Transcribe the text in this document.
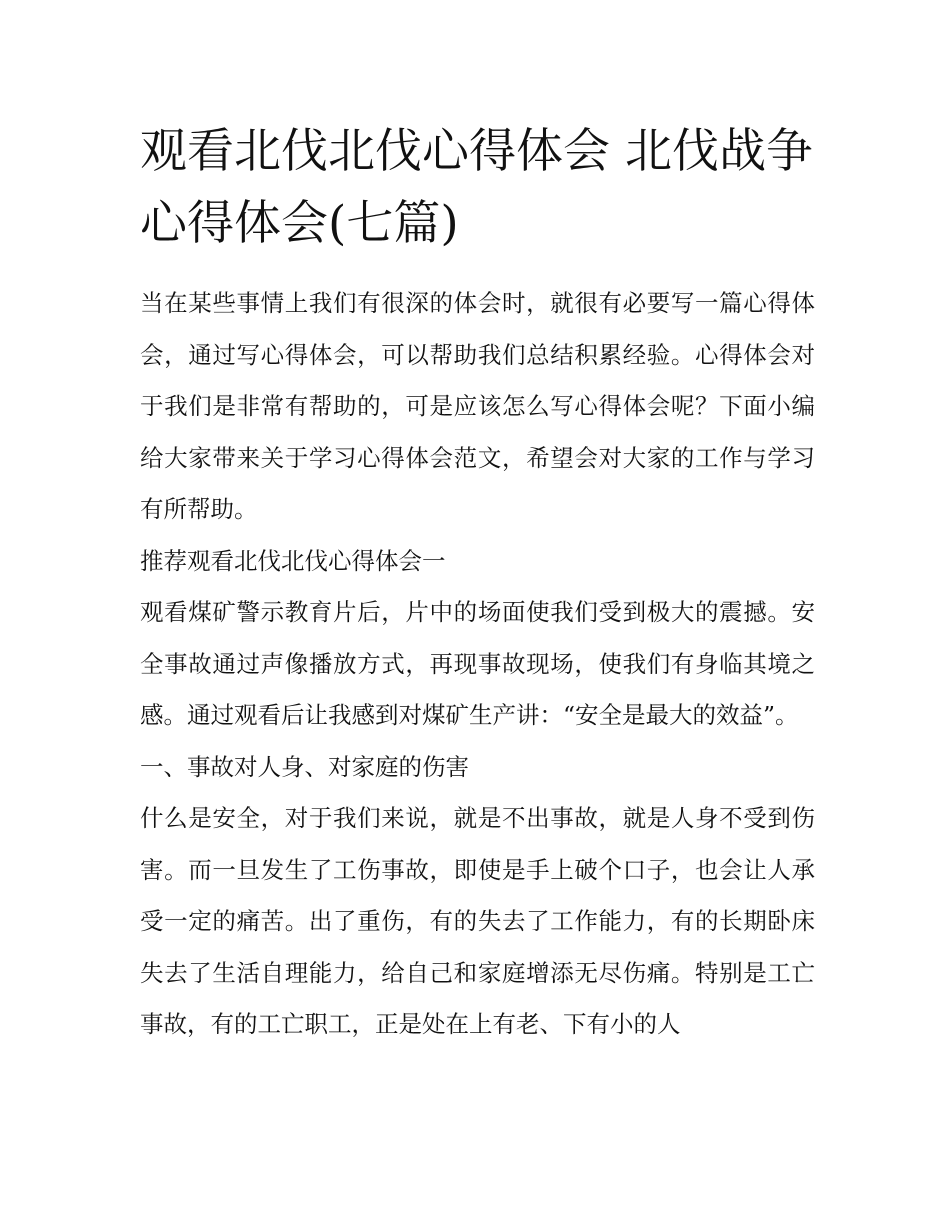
观看北伐北伐心得体会 北伐战争心得体会(七篇)

当在某些事情上我们有很深的体会时，就很有必要写一篇心得体会，通过写心得体会，可以帮助我们总结积累经验。心得体会对于我们是非常有帮助的，可是应该怎么写心得体会呢？下面小编给大家带来关于学习心得体会范文，希望会对大家的工作与学习有所帮助。

推荐观看北伐北伐心得体会一

观看煤矿警示教育片后，片中的场面使我们受到极大的震撼。安全事故通过声像播放方式，再现事故现场，使我们有身临其境之感。通过观看后让我感到对煤矿生产讲：“安全是最大的效益”。

一、事故对人身、对家庭的伤害

什么是安全，对于我们来说，就是不出事故，就是人身不受到伤害。而一旦发生了工伤事故，即使是手上破个口子，也会让人承受一定的痛苦。出了重伤，有的失去了工作能力，有的长期卧床失去了生活自理能力，给自己和家庭增添无尽伤痛。特别是工亡事故，有的工亡职工，正是处在上有老、下有小的人
